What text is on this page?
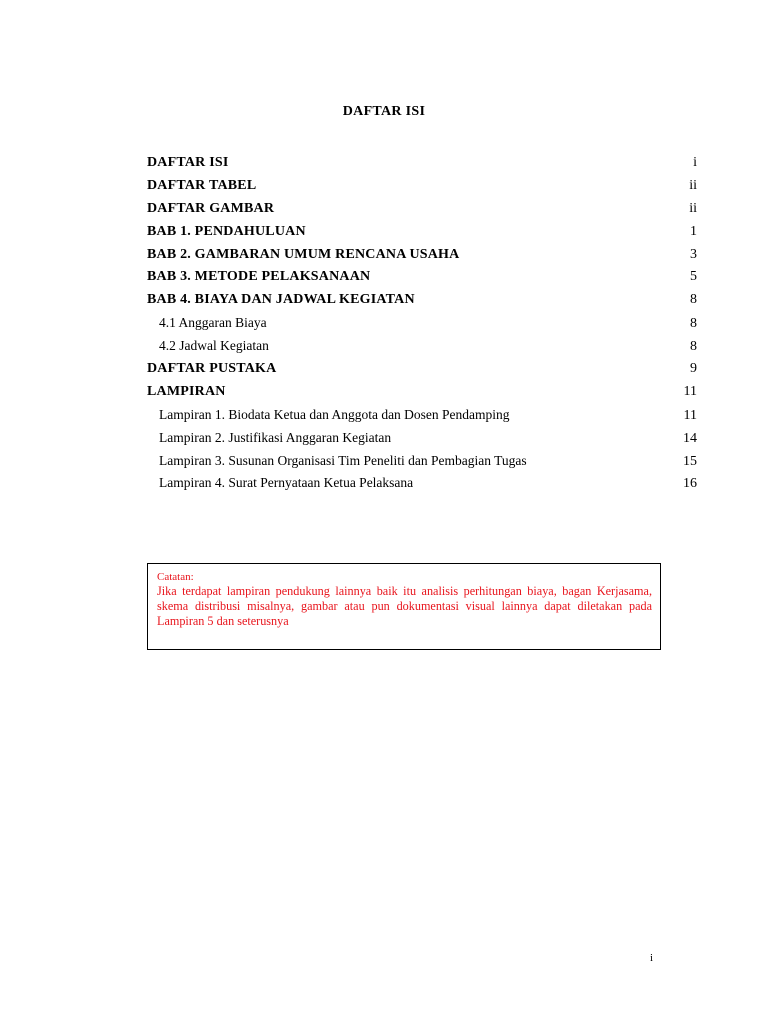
DAFTAR ISI
DAFTAR ISI	i
DAFTAR TABEL	ii
DAFTAR GAMBAR	ii
BAB 1. PENDAHULUAN	1
BAB 2. GAMBARAN UMUM RENCANA USAHA	3
BAB 3. METODE PELAKSANAAN	5
BAB 4. BIAYA DAN JADWAL KEGIATAN	8
4.1 Anggaran Biaya	8
4.2 Jadwal Kegiatan	8
DAFTAR PUSTAKA	9
LAMPIRAN	11
Lampiran 1. Biodata Ketua dan Anggota dan Dosen Pendamping	11
Lampiran 2. Justifikasi Anggaran Kegiatan	14
Lampiran 3. Susunan Organisasi Tim Peneliti dan Pembagian Tugas	15
Lampiran 4. Surat Pernyataan Ketua Pelaksana	16
Catatan:
Jika terdapat lampiran pendukung lainnya baik itu analisis perhitungan biaya, bagan Kerjasama, skema distribusi misalnya, gambar atau pun dokumentasi visual lainnya dapat diletakan pada Lampiran 5 dan seterusnya
i
